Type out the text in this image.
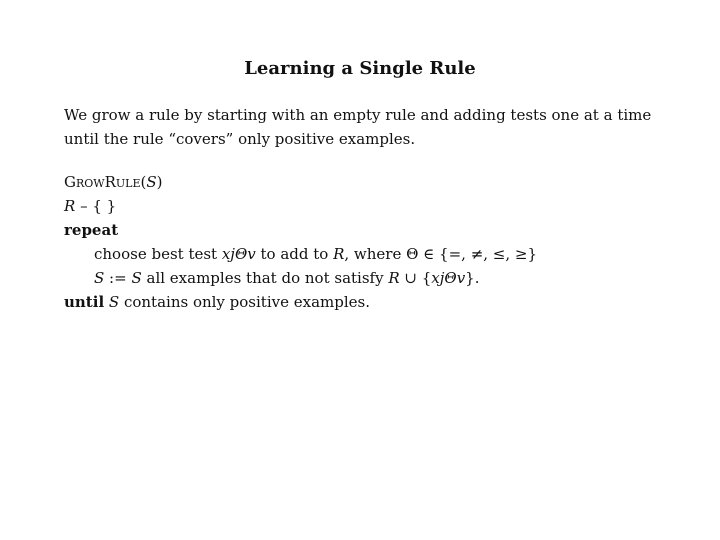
Learning a Single Rule
We grow a rule by starting with an empty rule and adding tests one at a time until the rule “covers” only positive examples.
GrowRule(S)
R – { }
repeat
choose best test xjΘv to add to R, where Θ ∈ {=, ≠, ≤, ≥}
S := S all examples that do not satisfy R ∪ {xjΘv}.
until S contains only positive examples.
